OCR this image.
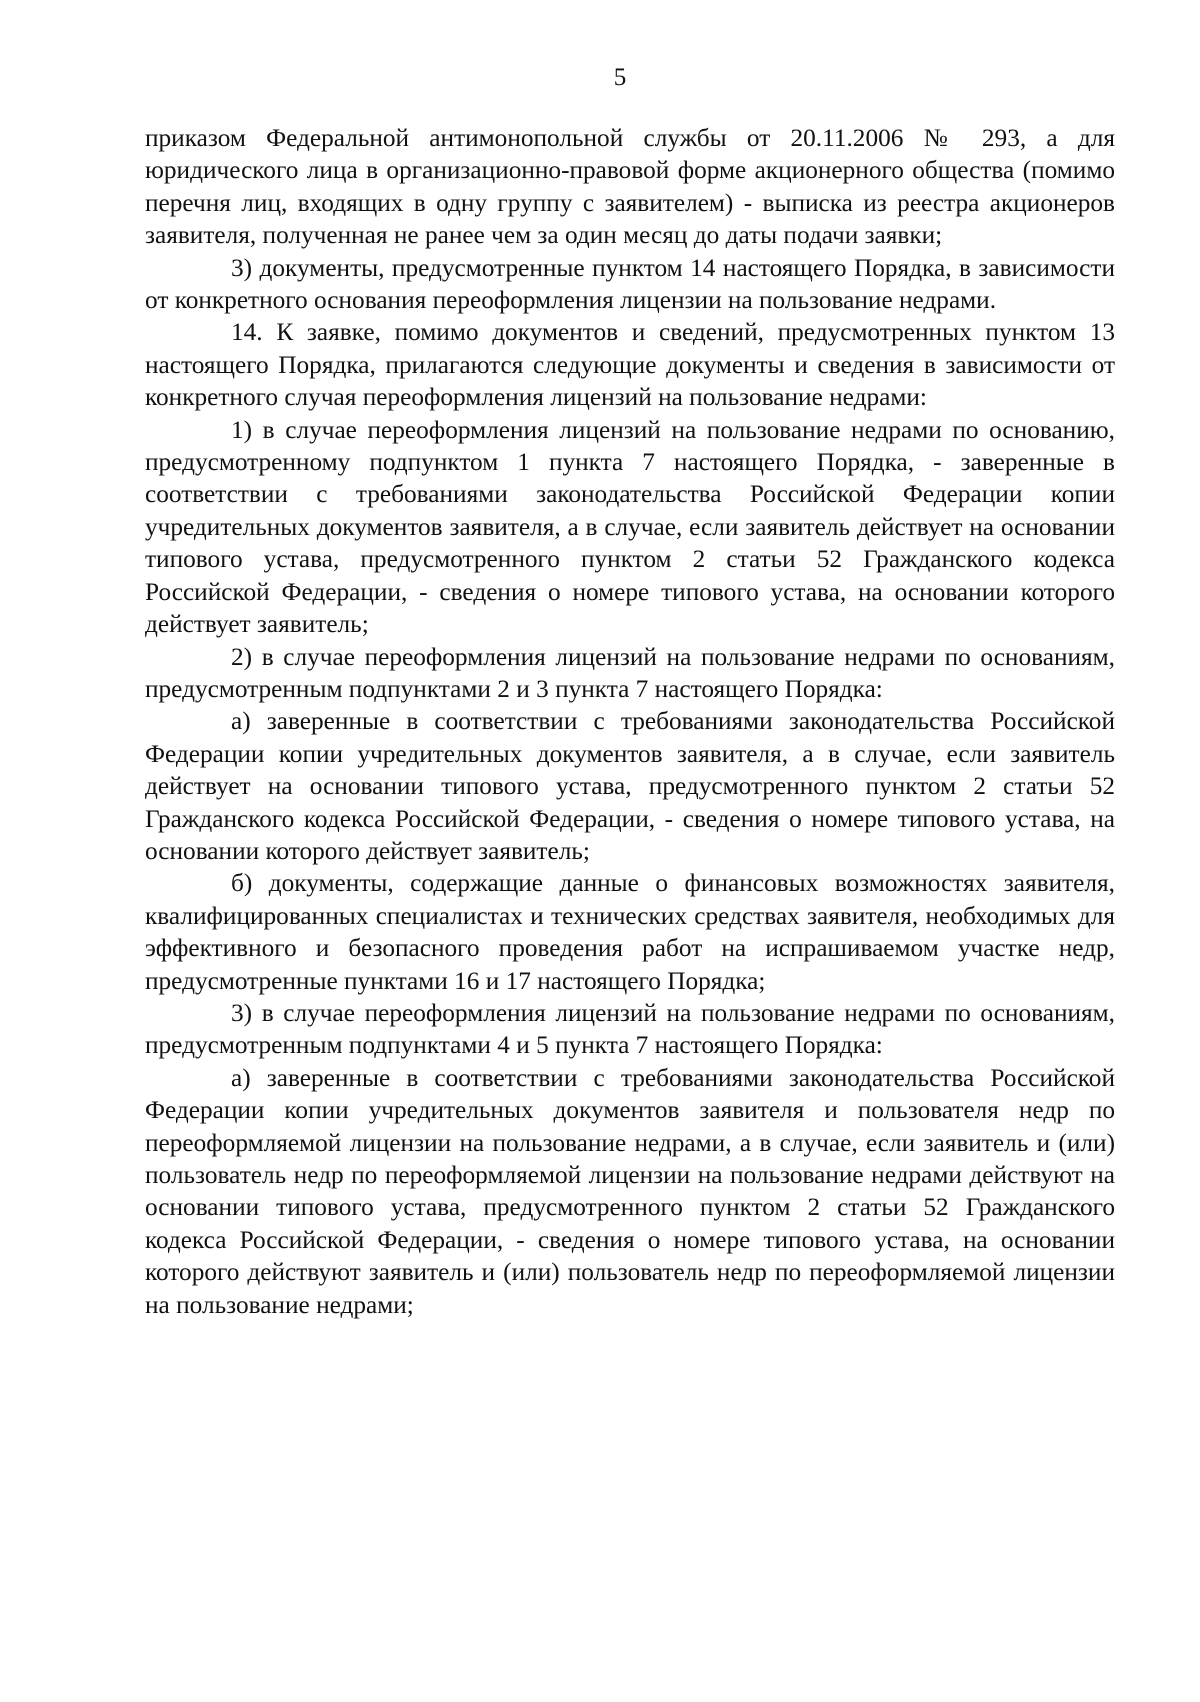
5

приказом Федеральной антимонопольной службы от 20.11.2006 № 293, а для юридического лица в организационно-правовой форме акционерного общества (помимо перечня лиц, входящих в одну группу с заявителем) - выписка из реестра акционеров заявителя, полученная не ранее чем за один месяц до даты подачи заявки;

3) документы, предусмотренные пунктом 14 настоящего Порядка, в зависимости от конкретного основания переоформления лицензии на пользование недрами.

14. К заявке, помимо документов и сведений, предусмотренных пунктом 13 настоящего Порядка, прилагаются следующие документы и сведения в зависимости от конкретного случая переоформления лицензий на пользование недрами:

1) в случае переоформления лицензий на пользование недрами по основанию, предусмотренному подпунктом 1 пункта 7 настоящего Порядка, - заверенные в соответствии с требованиями законодательства Российской Федерации копии учредительных документов заявителя, а в случае, если заявитель действует на основании типового устава, предусмотренного пунктом 2 статьи 52 Гражданского кодекса Российской Федерации, - сведения о номере типового устава, на основании которого действует заявитель;

2) в случае переоформления лицензий на пользование недрами по основаниям, предусмотренным подпунктами 2 и 3 пункта 7 настоящего Порядка:

а) заверенные в соответствии с требованиями законодательства Российской Федерации копии учредительных документов заявителя, а в случае, если заявитель действует на основании типового устава, предусмотренного пунктом 2 статьи 52 Гражданского кодекса Российской Федерации, - сведения о номере типового устава, на основании которого действует заявитель;

б) документы, содержащие данные о финансовых возможностях заявителя, квалифицированных специалистах и технических средствах заявителя, необходимых для эффективного и безопасного проведения работ на испрашиваемом участке недр, предусмотренные пунктами 16 и 17 настоящего Порядка;

3) в случае переоформления лицензий на пользование недрами по основаниям, предусмотренным подпунктами 4 и 5 пункта 7 настоящего Порядка:

а) заверенные в соответствии с требованиями законодательства Российской Федерации копии учредительных документов заявителя и пользователя недр по переоформляемой лицензии на пользование недрами, а в случае, если заявитель и (или) пользователь недр по переоформляемой лицензии на пользование недрами действуют на основании типового устава, предусмотренного пунктом 2 статьи 52 Гражданского кодекса Российской Федерации, - сведения о номере типового устава, на основании которого действуют заявитель и (или) пользователь недр по переоформляемой лицензии на пользование недрами;
